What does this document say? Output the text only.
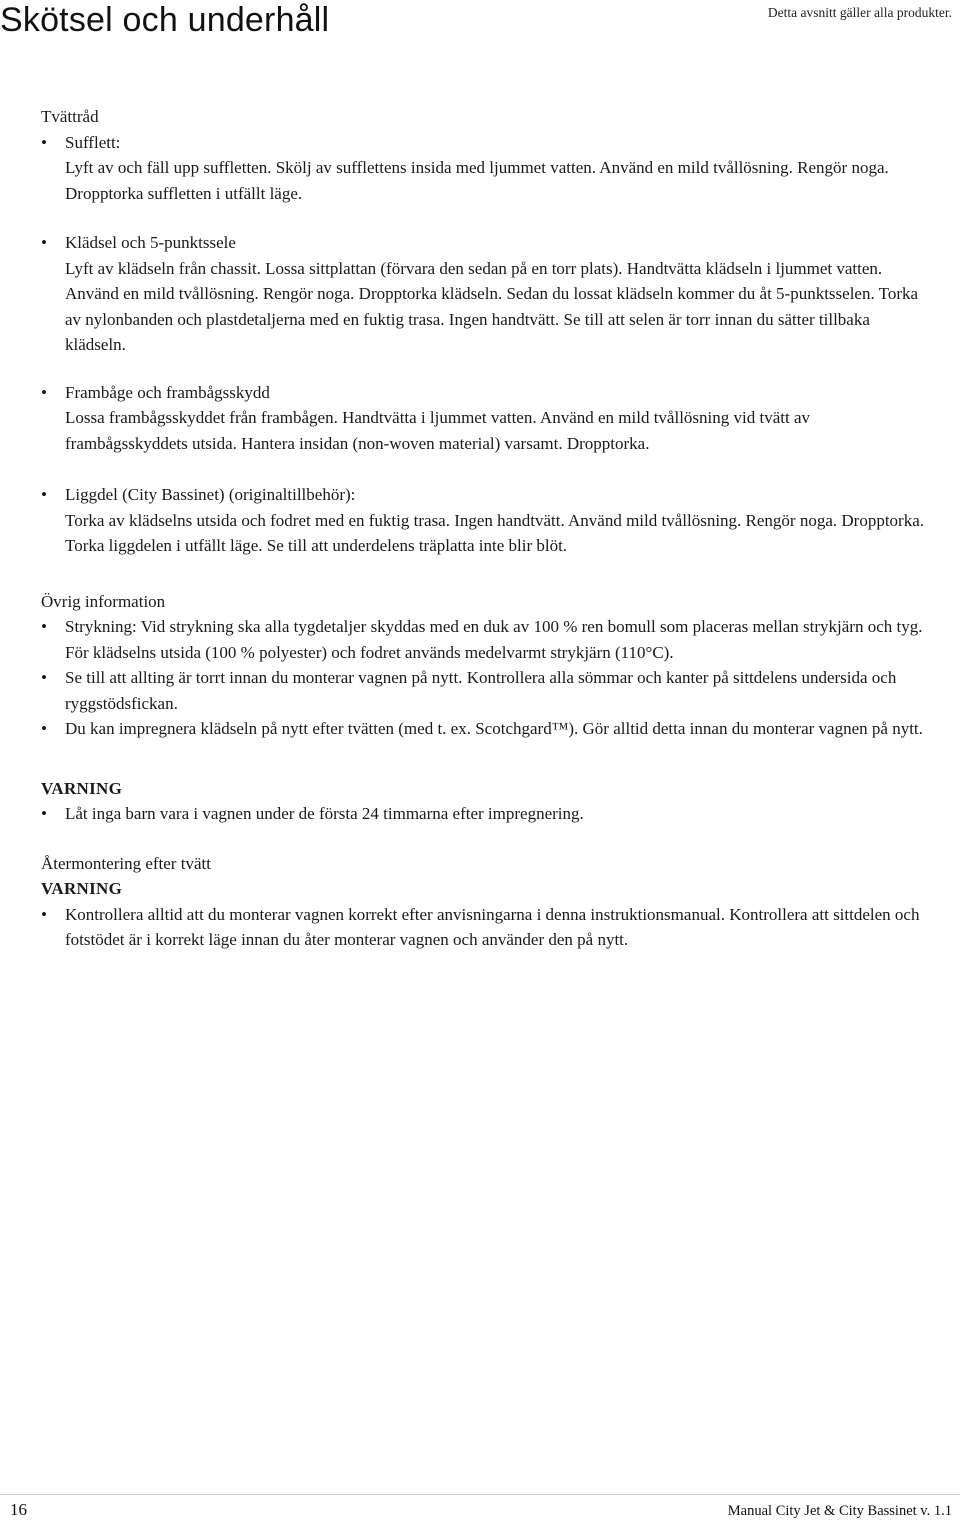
Skötsel och underhåll	Detta avsnitt gäller alla produkter.
Tvättråd
•	Sufflett:
Lyft av och fäll upp suffletten. Skölj av sufflettens insida med ljummet vatten. Använd en mild tvållösning. Rengör noga. Dropptorka suffletten i utfällt läge.
•	Klädsel och 5-punktssele
Lyft av klädseln från chassit. Lossa sittplattan (förvara den sedan på en torr plats). Handtvätta klädseln i ljummet vatten. Använd en mild tvållösning. Rengör noga. Dropptorka klädseln. Sedan du lossat klädseln kommer du åt 5-punktsselen. Torka av nylonbanden och plastdetaljerna med en fuktig trasa. Ingen handtvätt. Se till att selen är torr innan du sätter tillbaka klädseln.
•	Frambåge och frambågsskydd
Lossa frambågsskyddet från frambågen. Handtvätta i ljummet vatten. Använd en mild tvållösning vid tvätt av frambågsskyddets utsida. Hantera insidan (non-woven material) varsamt. Dropptorka.
•	Liggdel (City Bassinet) (originaltillbehör):
Torka av klädselns utsida och fodret med en fuktig trasa. Ingen handtvätt. Använd mild tvållösning. Rengör noga. Dropptorka. Torka liggdelen i utfällt läge. Se till att underdelens träplatta inte blir blöt.
Övrig information
•	Strykning: Vid strykning ska alla tygdetaljer skyddas med en duk av 100 % ren bomull som placeras mellan strykjärn och tyg. För klädselns utsida (100 % polyester) och fodret används medelvarmt strykjärn (110°C).
•	Se till att allting är torrt innan du monterar vagnen på nytt. Kontrollera alla sömmar och kanter på sittdelens undersida och ryggstödsfickan.
•	Du kan impregnera klädseln på nytt efter tvätten (med t. ex. Scotchgard™). Gör alltid detta innan du monterar vagnen på nytt.
VARNING
•	Låt inga barn vara i vagnen under de första 24 timmarna efter impregnering.
Återmontering efter tvätt
VARNING
•	Kontrollera alltid att du monterar vagnen korrekt efter anvisningarna i denna instruktionsmanual. Kontrollera att sittdelen och fotstödet är i korrekt läge innan du åter monterar vagnen och använder den på nytt.
16	Manual City Jet & City Bassinet v. 1.1
